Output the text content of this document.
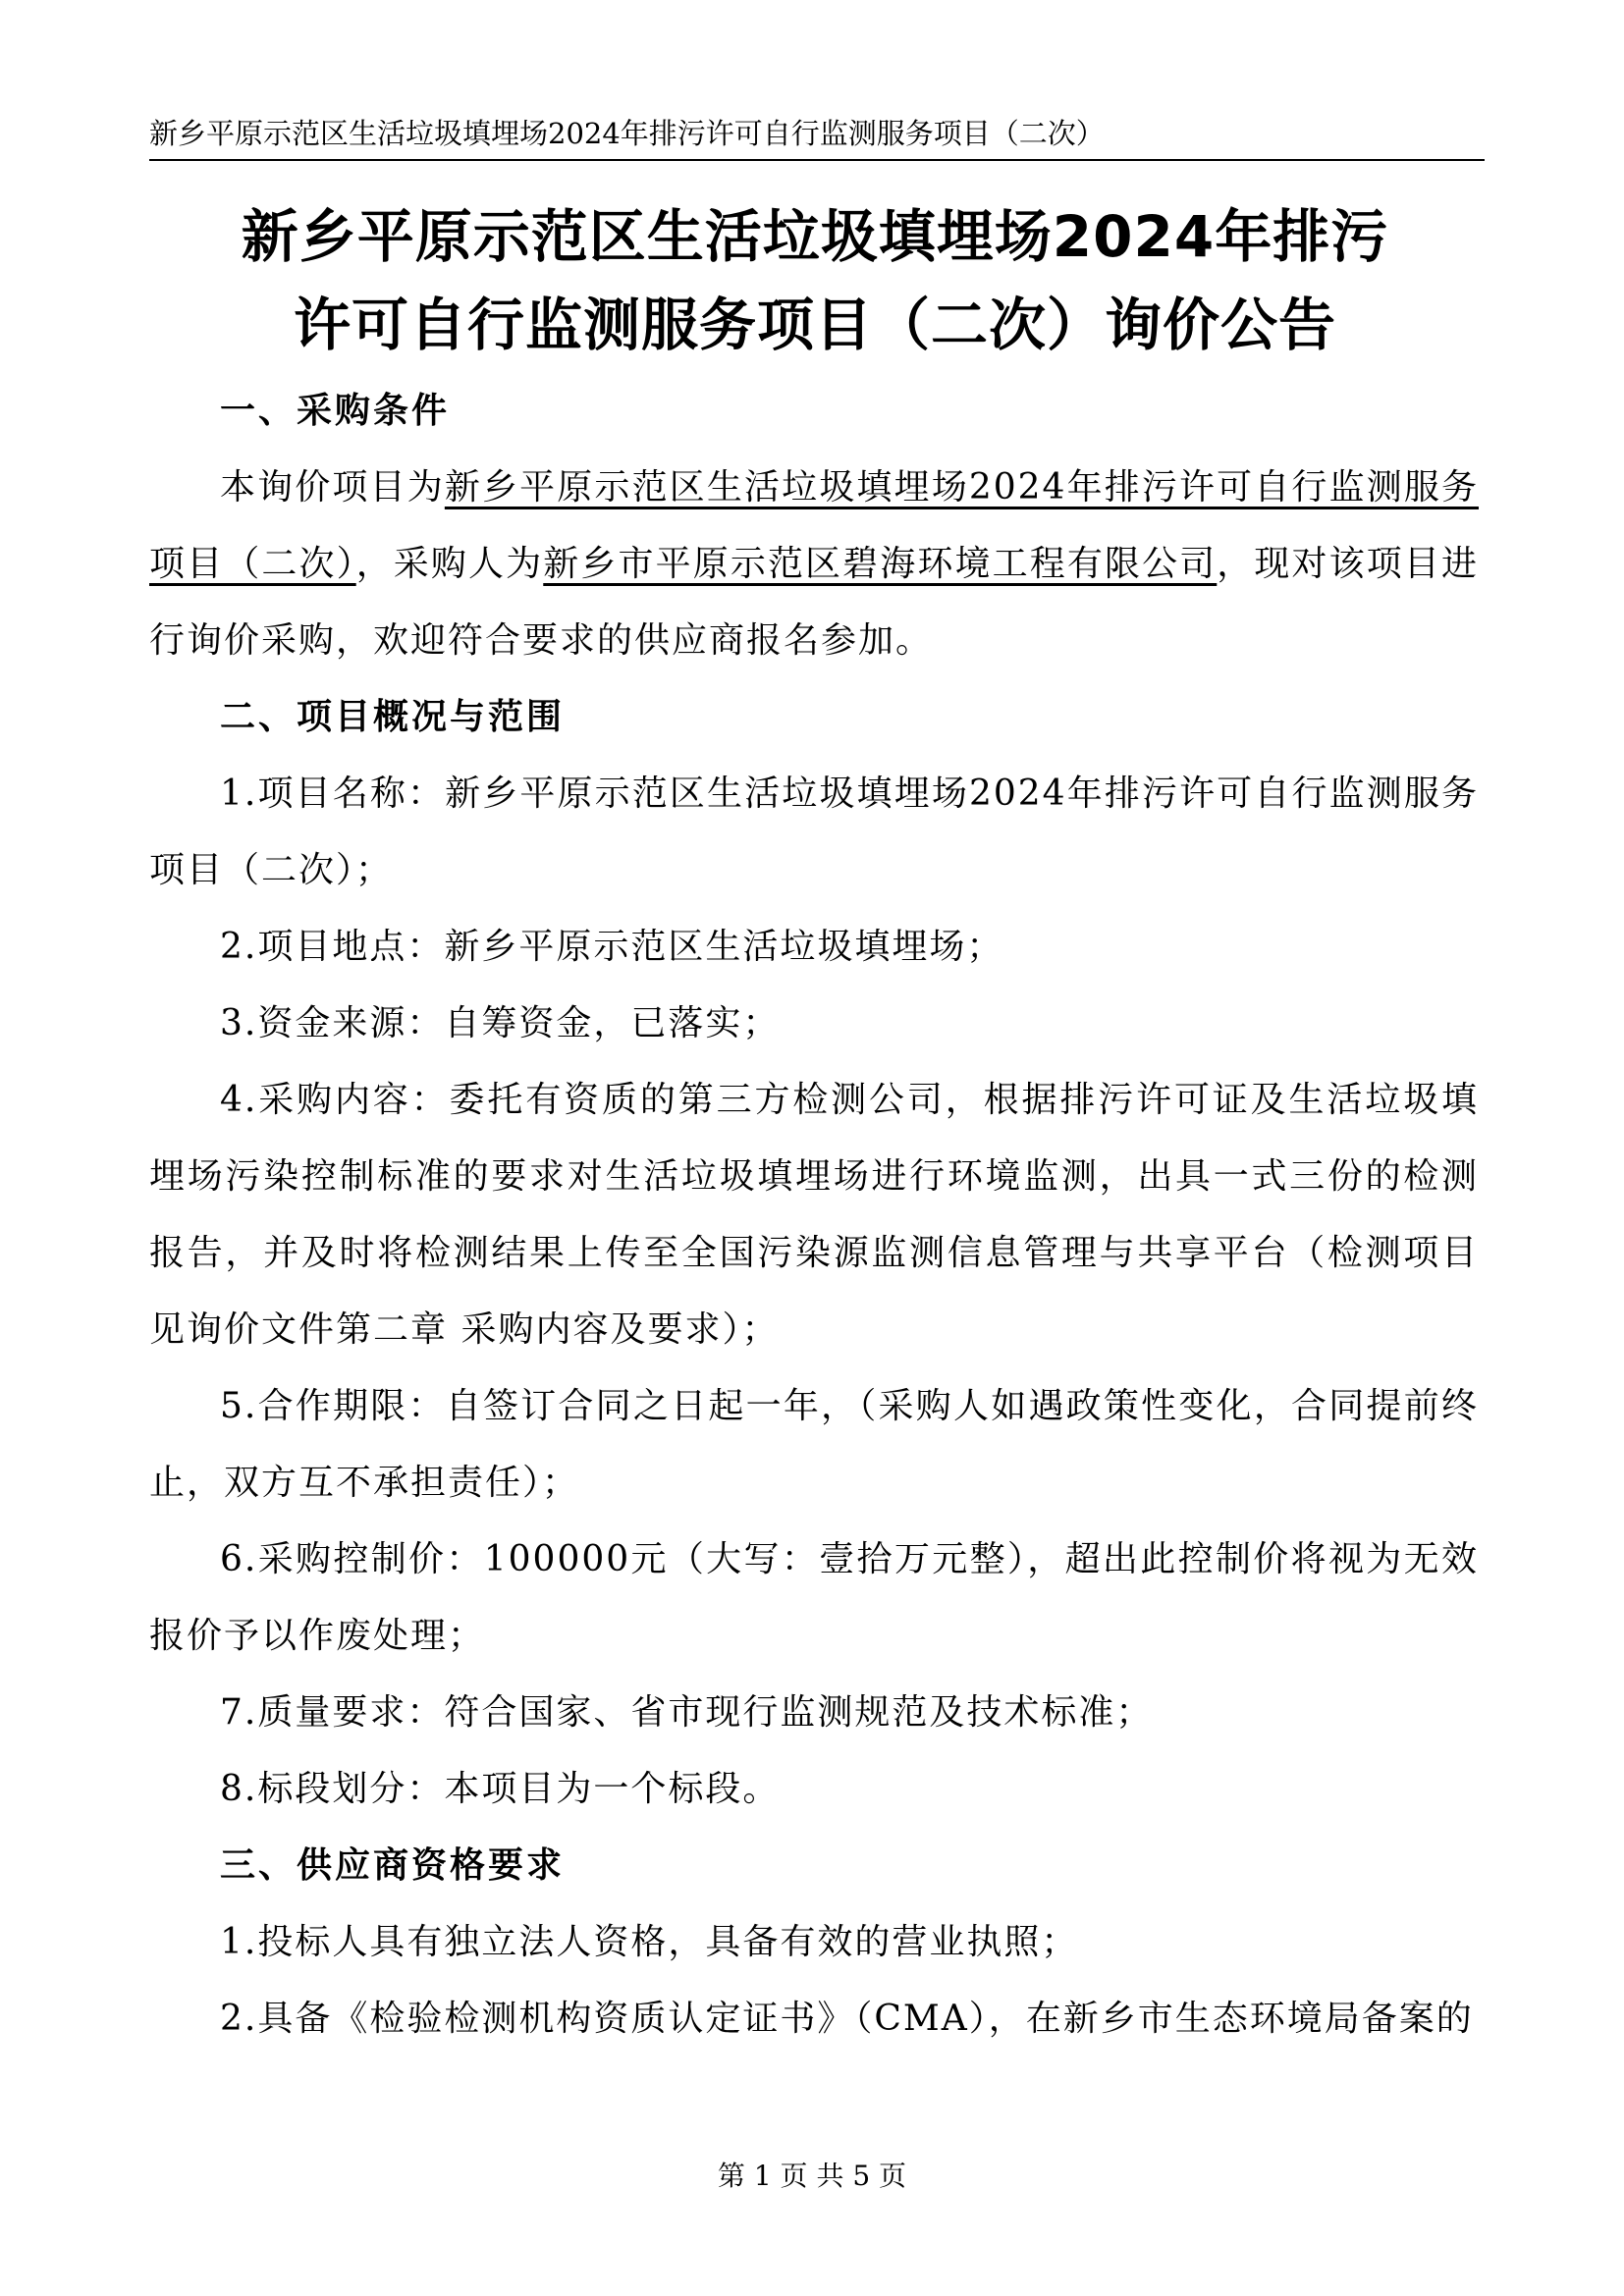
新乡平原示范区生活垃圾填埋场2024年排污许可自行监测服务项目（二次）
新乡平原示范区生活垃圾填埋场2024年排污
许可自行监测服务项目（二次）询价公告
一、采购条件

本询价项目为新乡平原示范区生活垃圾填埋场2024年排污许可自行监测服务项目（二次），采购人为新乡市平原示范区碧海环境工程有限公司，现对该项目进行询价采购，欢迎符合要求的供应商报名参加。

二、项目概况与范围

1.项目名称：新乡平原示范区生活垃圾填埋场2024年排污许可自行监测服务项目（二次）；

2.项目地点：新乡平原示范区生活垃圾填埋场；

3.资金来源：自筹资金，已落实；

4.采购内容：委托有资质的第三方检测公司，根据排污许可证及生活垃圾填埋场污染控制标准的要求对生活垃圾填埋场进行环境监测，出具一式三份的检测报告，并及时将检测结果上传至全国污染源监测信息管理与共享平台（检测项目见询价文件第二章 采购内容及要求）；

5.合作期限：自签订合同之日起一年，（采购人如遇政策性变化，合同提前终止，双方互不承担责任）；

6.采购控制价：100000元（大写：壹拾万元整），超出此控制价将视为无效报价予以作废处理；

7.质量要求：符合国家、省市现行监测规范及技术标准；

8.标段划分：本项目为一个标段。

三、供应商资格要求

1.投标人具有独立法人资格，具备有效的营业执照；

2.具备《检验检测机构资质认定证书》（CMA），在新乡市生态环境局备案的

第 1 页 共 5 页
